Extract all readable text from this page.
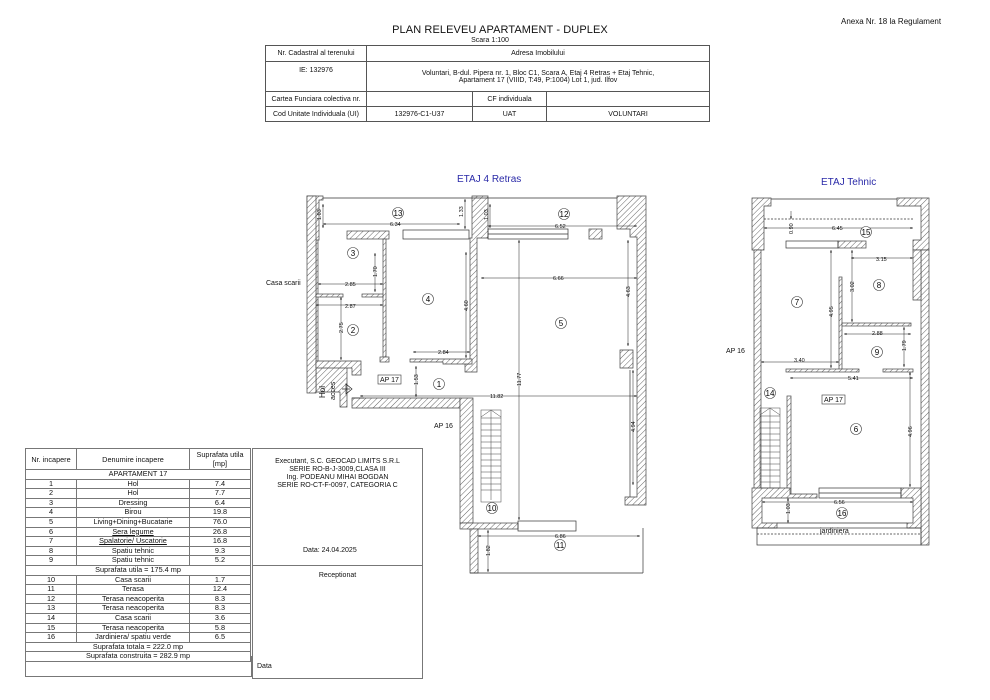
Anexa Nr. 18 la Regulament
PLAN RELEVEU APARTAMENT - DUPLEX
Scara 1:100
Nr. Cadastral al terenului	Adresa Imobilului		
IE: 132976	Voluntari, B-dul. Pipera nr. 1, Bloc C1, Scara A, Etaj 4 Retras + Etaj Tehnic,
Apartament 17 (VIIID, T:49, P:1004) Lot 1, jud. Ilfov		

Cartea Funciara colectiva nr.		CF individuala	
Cod Unitate Individuala (UI)	132976-C1-U37	UAT	VOLUNTARI
ETAJ 4 Retras
1.03
6.34
1.33	1.03
6.52
1.70
2.85
2.87
2.75
4.60
6.66
4.63
2.84
1.53
11.82
11.77
4.94
6.86
1.82
13	12
3
4
5
2
1
10
11
Casa scarii
Hol acces
AP 16
AP 17
ETAJ Tehnic
0.90	6.45
3.15
3.02
4.95
2.88
1.79
3.40
5.41
4.96
6.56
1.03
15
8
7
9
14
6
16
AP 16
AP 17
jardiniera
Nr. incapere	Denumire incapere	Suprafata utila
[mp]

APARTAMENT 17		
1	Hol	7.4
2	Hol	7.7
3	Dressing	6.4
4	Birou	19.8
5	Living+Dining+Bucatarie	76.0
6	Sera legume	26.8
7	Spalatorie/ Uscatorie	16.8
8	Spatiu tehnic	9.3
9	Spatiu tehnic	5.2
Suprafata utila = 175.4 mp		
10	Casa scarii	1.7
11	Terasa	12.4
12	Terasa neacoperita	8.3
13	Terasa neacoperita	8.3
14	Casa scarii	3.6
15	Terasa neacoperita	5.8
16	Jardiniera/ spatiu verde	6.5
Suprafata totala = 222.0 mp		
Suprafata construita = 282.9 mp		
Executant, S.C. GEOCAD LIMITS S.R.L
SERIE RO-B-J-3009,CLASA III
Ing. PODEANU MIHAI BOGDAN
SERIE RO-CT-F-0097, CATEGORIA C
Data: 24.04.2025
Receptionat
Data
